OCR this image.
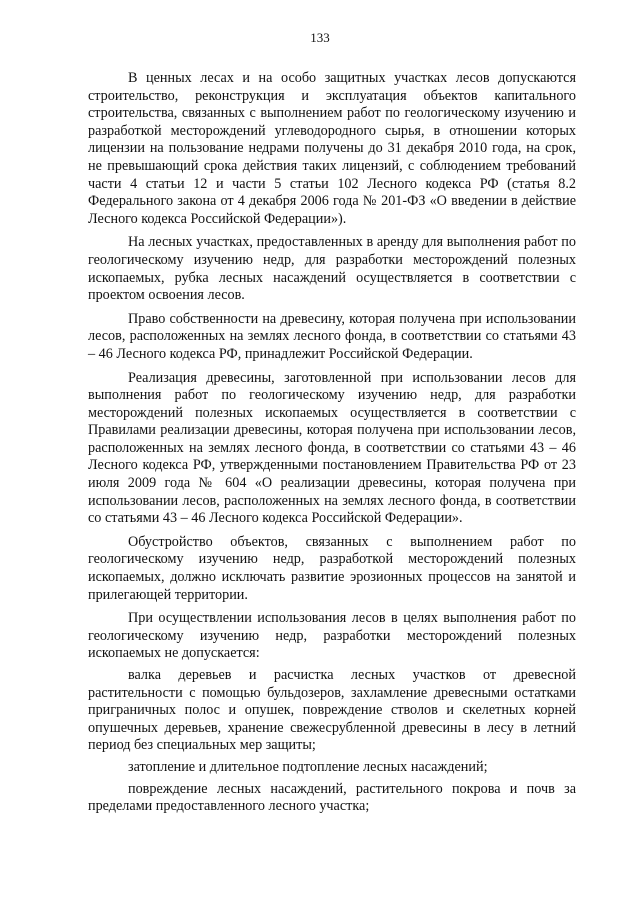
133

В ценных лесах и на особо защитных участках лесов допускаются строительство, реконструкция и эксплуатация объектов капитального строительства, связанных с выполнением работ по геологическому изучению и разработкой месторождений углеводородного сырья, в отношении которых лицензии на пользование недрами получены до 31 декабря 2010 года, на срок, не превышающий срока действия таких лицензий, с соблюдением требований части 4 статьи 12 и части 5 статьи 102 Лесного кодекса РФ (статья 8.2 Федерального закона от 4 декабря 2006 года № 201-ФЗ «О введении в действие Лесного кодекса Российской Федерации»).

На лесных участках, предоставленных в аренду для выполнения работ по геологическому изучению недр, для разработки месторождений полезных ископаемых, рубка лесных насаждений осуществляется в соответствии с проектом освоения лесов.

Право собственности на древесину, которая получена при использовании лесов, расположенных на землях лесного фонда, в соответствии со статьями 43 – 46 Лесного кодекса РФ, принадлежит Российской Федерации.

Реализация древесины, заготовленной при использовании лесов для выполнения работ по геологическому изучению недр, для разработки месторождений полезных ископаемых осуществляется в соответствии с Правилами реализации древесины, которая получена при использовании лесов, расположенных на землях лесного фонда, в соответствии со статьями 43 – 46 Лесного кодекса РФ, утвержденными постановлением Правительства РФ от 23 июля 2009 года № 604 «О реализации древесины, которая получена при использовании лесов, расположенных на землях лесного фонда, в соответствии со статьями 43 – 46 Лесного кодекса Российской Федерации».

Обустройство объектов, связанных с выполнением работ по геологическому изучению недр, разработкой месторождений полезных ископаемых, должно исключать развитие эрозионных процессов на занятой и прилегающей территории.

При осуществлении использования лесов в целях выполнения работ по геологическому изучению недр, разработки месторождений полезных ископаемых не допускается:

валка деревьев и расчистка лесных участков от древесной растительности с помощью бульдозеров, захламление древесными остатками приграничных полос и опушек, повреждение стволов и скелетных корней опушечных деревьев, хранение свежесрубленной древесины в лесу в летний период без специальных мер защиты;

затопление и длительное подтопление лесных насаждений;

повреждение лесных насаждений, растительного покрова и почв за пределами предоставленного лесного участка;
